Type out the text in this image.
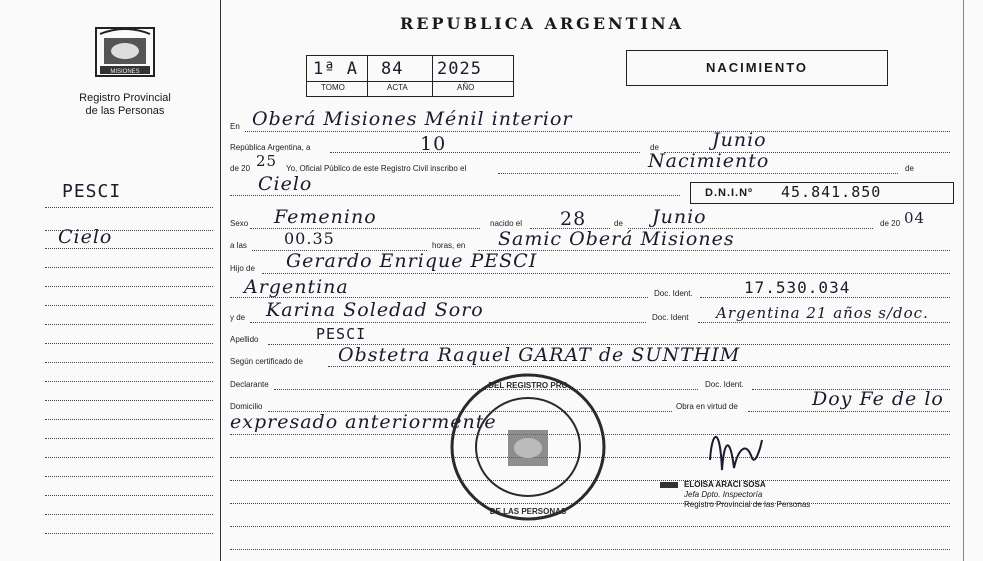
MISIONES
Registro Provincial
de las Personas
PESCI
Cielo
REPUBLICA ARGENTINA
1ª A 84 2025
TOMO	ACTA	AÑO
NACIMIENTO
En Oberá Misiones Ménil interior
República Argentina, a	10	de	Junio
de 20 25 Yo, Oficial Público de este Registro Civil inscribo el	Nacimiento	de
Cielo	D.N.I.Nº 45.841.850
Sexo Femenino	nacido el 28	de Junio	de 20 04
a las 00.35	horas, en Samic Oberá Misiones
Hijo de Gerardo Enrique PESCI
Argentina	Doc. Ident.	17.530.034
y de Karina Soledad Soro	Doc. Ident Argentina 21 años s/doc.
Apellido	PESCI
Según certificado de Obstetra Raquel GARAT de SUNTHIM
Declarante	Doc. Ident.
Domicilio	Obra en virtud de	Doy Fe de lo
expresado anteriormente
DEL REGISTRO PRO
DE LAS PERSONAS
ELOISA ARACI SOSA
Jefa Dpto. Inspectoría
Registro Provincial de las Personas
